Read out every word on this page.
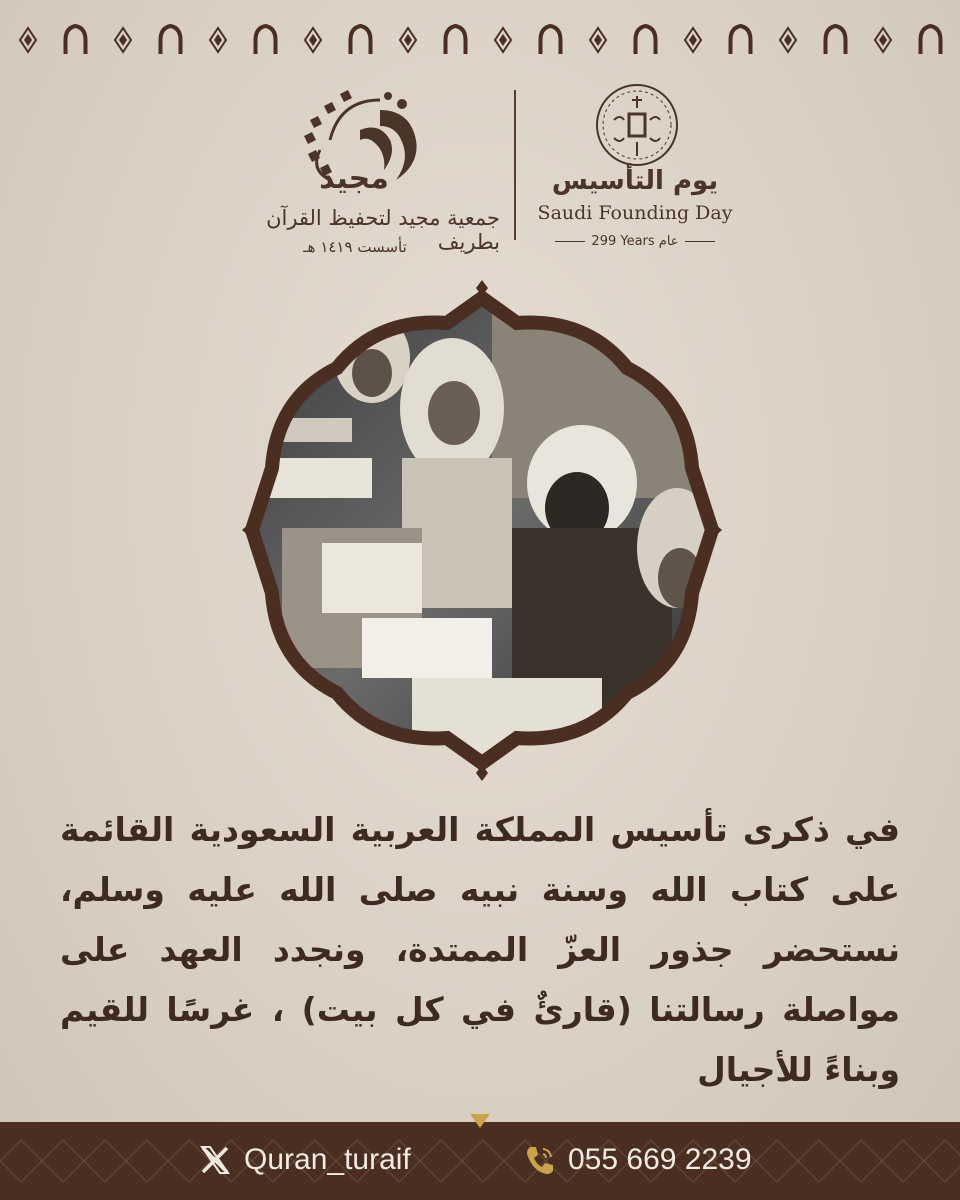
مجيد
جمعية مجيد لتحفيظ القرآن بطريف
تأسست ١٤١٩ هـ
يوم التأسيس
Saudi Founding Day
299 Years عام
في ذكرى تأسيس المملكة العربية السعودية القائمة على كتاب الله وسنة نبيه صلى الله عليه وسلم، نستحضر جذور العزّ الممتدة، ونجدد العهد على مواصلة رسالتنا (قارئٌ في كل بيت) ، غرسًا للقيم وبناءً للأجيال
Quran_turaif	055 669 2239
